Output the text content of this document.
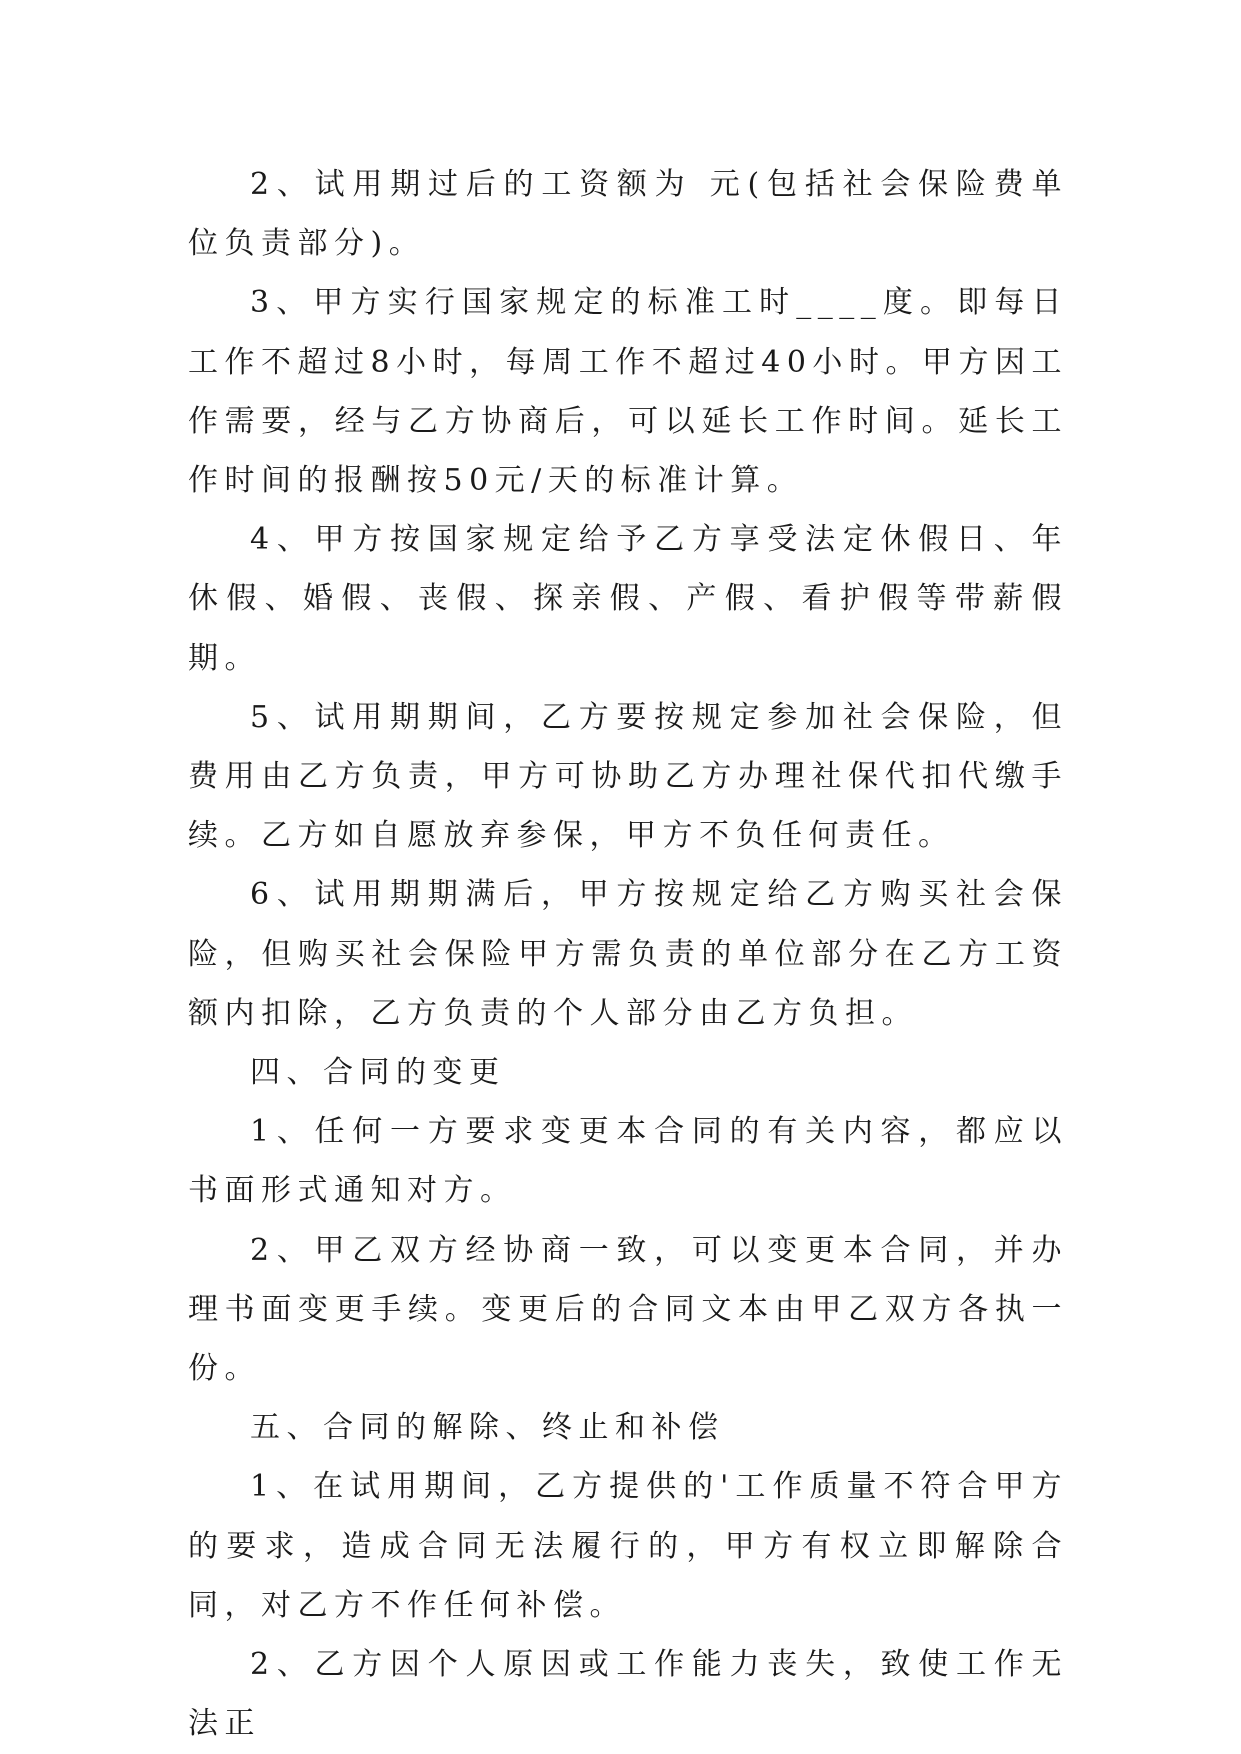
2、试用期过后的工资额为 元(包括社会保险费单位负责部分)。

3、甲方实行国家规定的标准工时____度。即每日工作不超过8小时，每周工作不超过40小时。甲方因工作需要，经与乙方协商后，可以延长工作时间。延长工作时间的报酬按50元/天的标准计算。

4、甲方按国家规定给予乙方享受法定休假日、年休假、婚假、丧假、探亲假、产假、看护假等带薪假期。

5、试用期期间，乙方要按规定参加社会保险，但费用由乙方负责，甲方可协助乙方办理社保代扣代缴手续。乙方如自愿放弃参保，甲方不负任何责任。

6、试用期期满后，甲方按规定给乙方购买社会保险，但购买社会保险甲方需负责的单位部分在乙方工资额内扣除，乙方负责的个人部分由乙方负担。

四、合同的变更

1、任何一方要求变更本合同的有关内容，都应以书面形式通知对方。

2、甲乙双方经协商一致，可以变更本合同，并办理书面变更手续。变更后的合同文本由甲乙双方各执一份。

五、合同的解除、终止和补偿

1、在试用期间，乙方提供的'工作质量不符合甲方的要求，造成合同无法履行的，甲方有权立即解除合同，对乙方不作任何补偿。

2、乙方因个人原因或工作能力丧失，致使工作无法正
